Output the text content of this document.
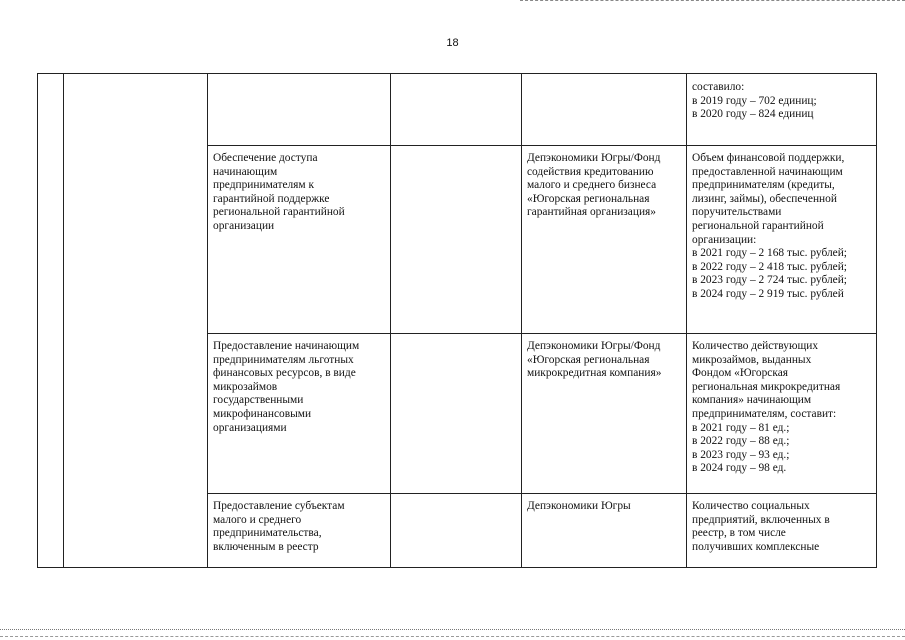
18
составило:
в 2019 году – 702 единиц;
в 2020 году – 824 единиц
Обеспечение доступа
начинающим
предпринимателям к
гарантийной поддержке
региональной гарантийной
организации
Депэкономики Югры/Фонд
содействия кредитованию
малого и среднего бизнеса
«Югорская региональная
гарантийная организация»
Объем финансовой поддержки,
предоставленной начинающим
предпринимателям (кредиты,
лизинг, займы), обеспеченной
поручительствами
региональной гарантийной
организации:
в 2021 году – 2 168 тыс. рублей;
в 2022 году – 2 418 тыс. рублей;
в 2023 году – 2 724 тыс. рублей;
в 2024 году – 2 919 тыс. рублей
Предоставление начинающим
предпринимателям льготных
финансовых ресурсов, в виде
микрозаймов
государственными
микрофинансовыми
организациями
Депэкономики Югры/Фонд
«Югорская региональная
микрокредитная компания»
Количество действующих
микрозаймов, выданных
Фондом «Югорская
региональная микрокредитная
компания» начинающим
предпринимателям, составит:
в 2021 году – 81 ед.;
в 2022 году – 88 ед.;
в 2023 году – 93 ед.;
в 2024 году – 98 ед.
Предоставление субъектам
малого и среднего
предпринимательства,
включенным в реестр
Депэкономики Югры	Количество социальных
предприятий, включенных в
реестр, в том числе
получивших комплексные
